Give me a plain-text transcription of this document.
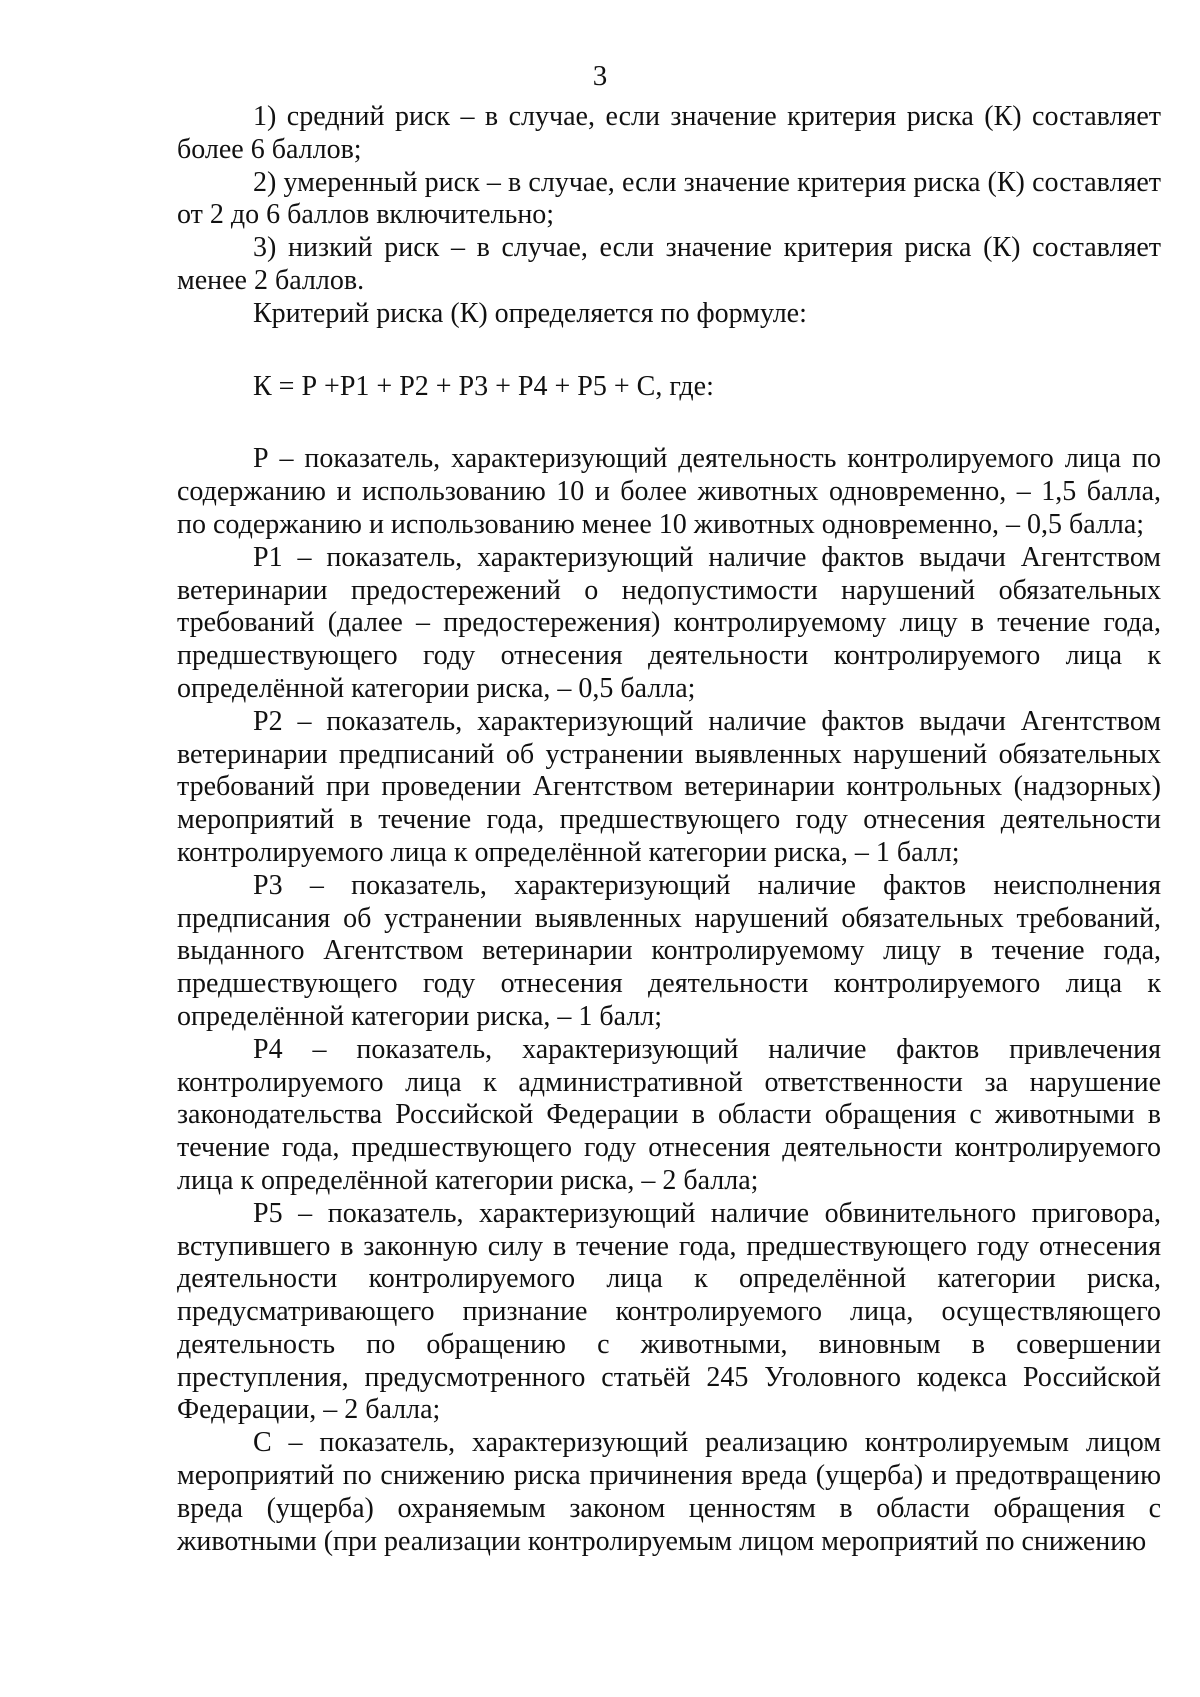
3

1) средний риск – в случае, если значение критерия риска (К) составляет более 6 баллов;

2) умеренный риск – в случае, если значение критерия риска (К) составляет от 2 до 6 баллов включительно;

3) низкий риск – в случае, если значение критерия риска (К) составляет менее 2 баллов.

Критерий риска (К) определяется по формуле:

К = Р +Р1 + Р2 + Р3 + Р4 + Р5 + С, где:

Р – показатель, характеризующий деятельность контролируемого лица по содержанию и использованию 10 и более животных одновременно, – 1,5 балла, по содержанию и использованию менее 10 животных одновременно, – 0,5 балла;

Р1 – показатель, характеризующий наличие фактов выдачи Агентством ветеринарии предостережений о недопустимости нарушений обязательных требований (далее – предостережения) контролируемому лицу в течение года, предшествующего году отнесения деятельности контролируемого лица к определённой категории риска, – 0,5 балла;

Р2 – показатель, характеризующий наличие фактов выдачи Агентством ветеринарии предписаний об устранении выявленных нарушений обязательных требований при проведении Агентством ветеринарии контрольных (надзорных) мероприятий в течение года, предшествующего году отнесения деятельности контролируемого лица к определённой категории риска, – 1 балл;

Р3 – показатель, характеризующий наличие фактов неисполнения предписания об устранении выявленных нарушений обязательных требований, выданного Агентством ветеринарии контролируемому лицу в течение года, предшествующего году отнесения деятельности контролируемого лица к определённой категории риска, – 1 балл;

Р4 – показатель, характеризующий наличие фактов привлечения контролируемого лица к административной ответственности за нарушение законодательства Российской Федерации в области обращения с животными в течение года, предшествующего году отнесения деятельности контролируемого лица к определённой категории риска, – 2 балла;

Р5 – показатель, характеризующий наличие обвинительного приговора, вступившего в законную силу в течение года, предшествующего году отнесения деятельности контролируемого лица к определённой категории риска, предусматривающего признание контролируемого лица, осуществляющего деятельность по обращению с животными, виновным в совершении преступления, предусмотренного статьёй 245 Уголовного кодекса Российской Федерации, – 2 балла;

С – показатель, характеризующий реализацию контролируемым лицом мероприятий по снижению риска причинения вреда (ущерба) и предотвращению вреда (ущерба) охраняемым законом ценностям в области обращения с животными (при реализации контролируемым лицом мероприятий по снижению
